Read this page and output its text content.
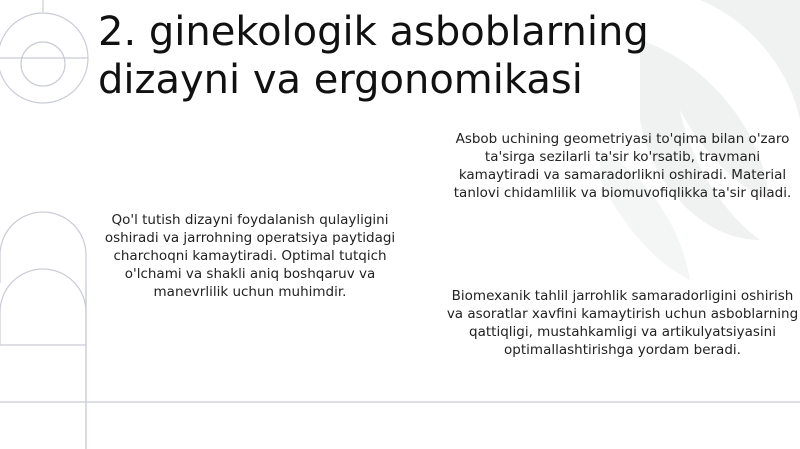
2. ginekologik asboblarning dizayni va ergonomikasi

Qo'l tutish dizayni foydalanish qulayligini oshiradi va jarrohning operatsiya paytidagi charchoqni kamaytiradi. Optimal tutqich o'lchami va shakli aniq boshqaruv va manevrlilik uchun muhimdir.

Asbob uchining geometriyasi to'qima bilan o'zaro ta'sirga sezilarli ta'sir ko'rsatib, travmani kamaytiradi va samaradorlikni oshiradi. Material tanlovi chidamlilik va biomuvofiqlikka ta'sir qiladi.

Biomexanik tahlil jarrohlik samaradorligini oshirish va asoratlar xavfini kamaytirish uchun asboblarning qattiqligi, mustahkamligi va artikulyatsiyasini optimallashtirishga yordam beradi.
